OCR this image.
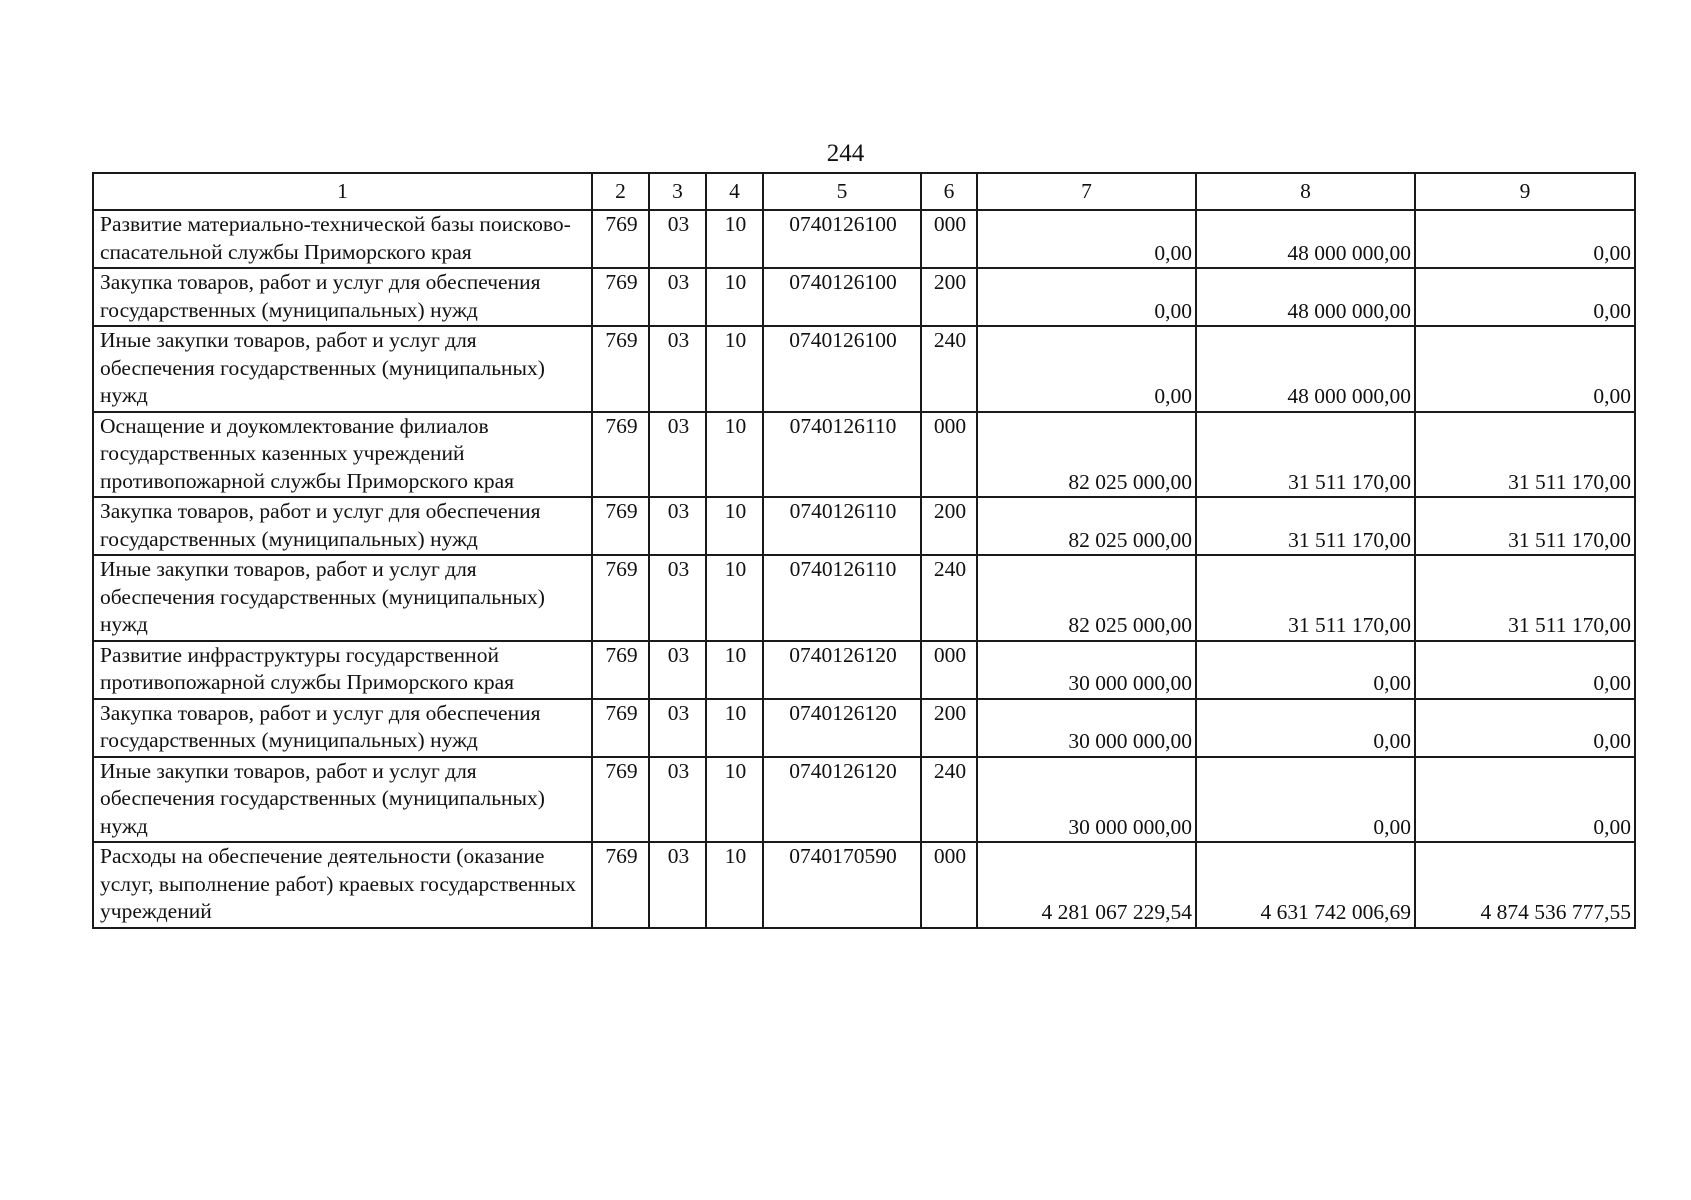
244
1	2	3	4	5	6	7	8	9
Развитие материально-технической базы поисково-спасательной службы Приморского края	769	03	10	0740126100	000	0,00	48 000 000,00	0,00
Закупка товаров, работ и услуг для обеспечения государственных (муниципальных) нужд	769	03	10	0740126100	200	0,00	48 000 000,00	0,00
Иные закупки товаров, работ и услуг для обеспечения государственных (муниципальных) нужд	769	03	10	0740126100	240	0,00	48 000 000,00	0,00
Оснащение и доукомлектование филиалов государственных казенных учреждений противопожарной службы Приморского края	769	03	10	0740126110	000	82 025 000,00	31 511 170,00	31 511 170,00
Закупка товаров, работ и услуг для обеспечения государственных (муниципальных) нужд	769	03	10	0740126110	200	82 025 000,00	31 511 170,00	31 511 170,00
Иные закупки товаров, работ и услуг для обеспечения государственных (муниципальных) нужд	769	03	10	0740126110	240	82 025 000,00	31 511 170,00	31 511 170,00
Развитие инфраструктуры государственной противопожарной службы Приморского края	769	03	10	0740126120	000	30 000 000,00	0,00	0,00
Закупка товаров, работ и услуг для обеспечения государственных (муниципальных) нужд	769	03	10	0740126120	200	30 000 000,00	0,00	0,00
Иные закупки товаров, работ и услуг для обеспечения государственных (муниципальных) нужд	769	03	10	0740126120	240	30 000 000,00	0,00	0,00
Расходы на обеспечение деятельности (оказание услуг, выполнение работ) краевых государственных учреждений	769	03	10	0740170590	000	4 281 067 229,54	4 631 742 006,69	4 874 536 777,55
